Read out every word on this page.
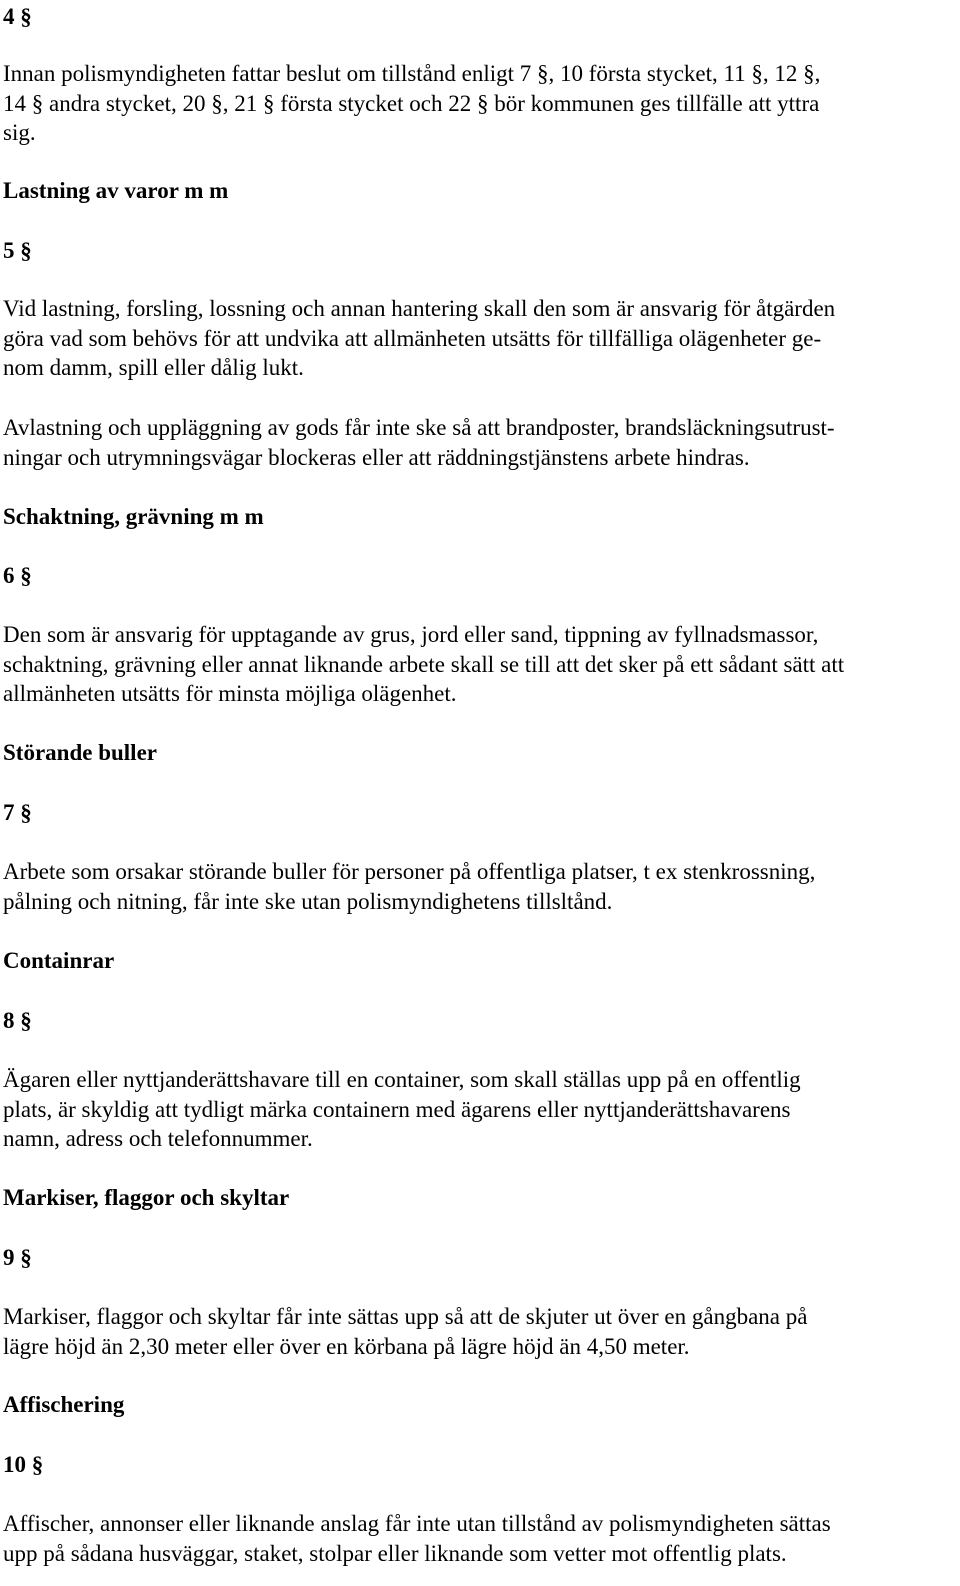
4 §

Innan polismyndigheten fattar beslut om tillstånd enligt 7 §, 10 första stycket, 11 §, 12 §,
14 § andra stycket, 20 §, 21 § första stycket och 22 § bör kommunen ges tillfälle att yttra
sig.

Lastning av varor m m

5 §

Vid lastning, forsling, lossning och annan hantering skall den som är ansvarig för åtgärden
göra vad som behövs för att undvika att allmänheten utsätts för tillfälliga olägenheter ge-
nom damm, spill eller dålig lukt.

Avlastning och uppläggning av gods får inte ske så att brandposter, brandsläckningsutrust-
ningar och utrymningsvägar blockeras eller att räddningstjänstens arbete hindras.

Schaktning, grävning m m

6 §

Den som är ansvarig för upptagande av grus, jord eller sand, tippning av fyllnadsmassor,
schaktning, grävning eller annat liknande arbete skall se till att det sker på ett sådant sätt att
allmänheten utsätts för minsta möjliga olägenhet.

Störande buller

7 §

Arbete som orsakar störande buller för personer på offentliga platser, t ex stenkrossning,
pålning och nitning, får inte ske utan polismyndighetens tillsltånd.

Containrar

8 §

Ägaren eller nyttjanderättshavare till en container, som skall ställas upp på en offentlig
plats, är skyldig att tydligt märka containern med ägarens eller nyttjanderättshavarens
namn, adress och telefonnummer.

Markiser, flaggor och skyltar

9 §

Markiser, flaggor och skyltar får inte sättas upp så att de skjuter ut över en gångbana på
lägre höjd än 2,30 meter eller över en körbana på lägre höjd än 4,50 meter.

Affischering

10 §

Affischer, annonser eller liknande anslag får inte utan tillstånd av polismyndigheten sättas
upp på sådana husväggar, staket, stolpar eller liknande som vetter mot offentlig plats.
